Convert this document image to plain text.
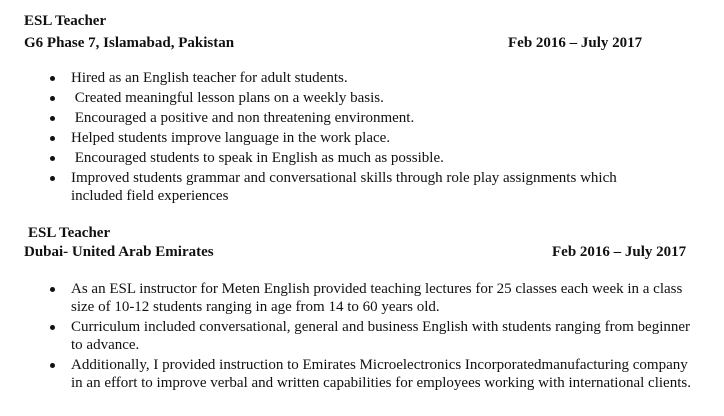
ESL Teacher
G6 Phase 7, Islamabad, Pakistan	Feb 2016 – July 2017
Hired as an English teacher for adult students.
Created meaningful lesson plans on a weekly basis.
Encouraged a positive and non threatening environment.
Helped students improve language in the work place.
Encouraged students to speak in English as much as possible.
Improved students grammar and conversational skills through role play assignments which included field experiences
ESL Teacher
Dubai- United Arab Emirates	Feb 2016 – July 2017
As an ESL instructor for Meten English provided teaching lectures for 25 classes each week in a class size of 10-12 students ranging in age from 14 to 60 years old.
Curriculum included conversational, general and business English with students ranging from beginner to advance.
Additionally, I provided instruction to Emirates Microelectronics Incorporatedmanufacturing company in an effort to improve verbal and written capabilities for employees working with international clients.
